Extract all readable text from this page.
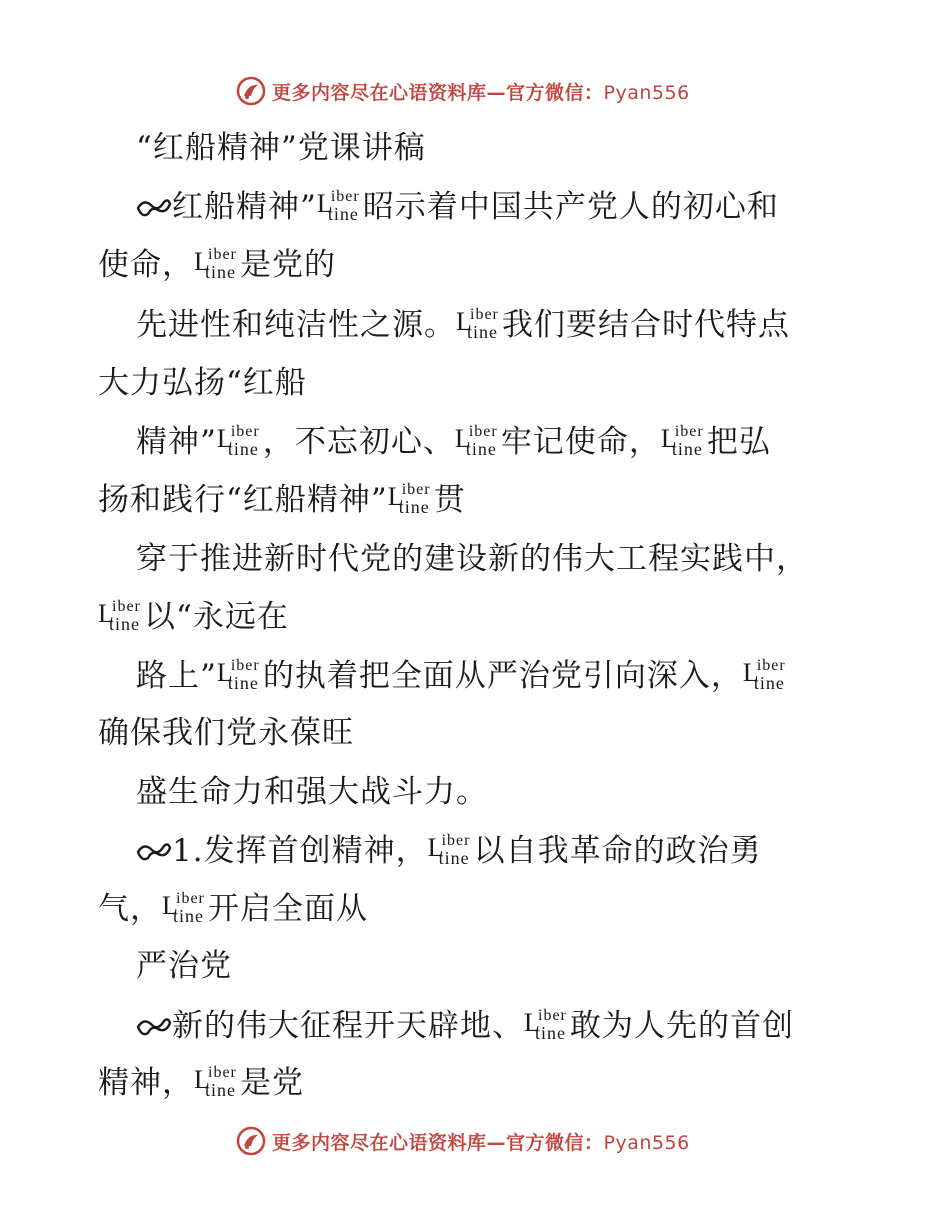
更多内容尽在心语资料库—官方微信：Pyan556
“红船精神”党课讲稿
红船精神” L
iber
tine 昭示着中国共产党人的初心和
使命， L
iber
tine 是党的
先进性和纯洁性之源。 L
iber
tine 我们要结合时代特点
大力弘扬“红船
精神” L
iber
tine ，不忘初心、 L
iber
tine 牢记使命， L
iber
tine 把弘
扬和践行“红船精神” L
iber
tine 贯
穿于推进新时代党的建设新的伟大工程实践中，
L
iber
tine 以“永远在
路上” L
iber
tine 的执着把全面从严治党引向深入， L
iber
tine
确保我们党永葆旺
盛生命力和强大战斗力。
1.发挥首创精神， L
iber
tine 以自我革命的政治勇
气， L
iber
tine 开启全面从
严治党
新的伟大征程开天辟地、 L
iber
tine 敢为人先的首创
精神， L
iber
tine 是党
更多内容尽在心语资料库—官方微信：Pyan556
